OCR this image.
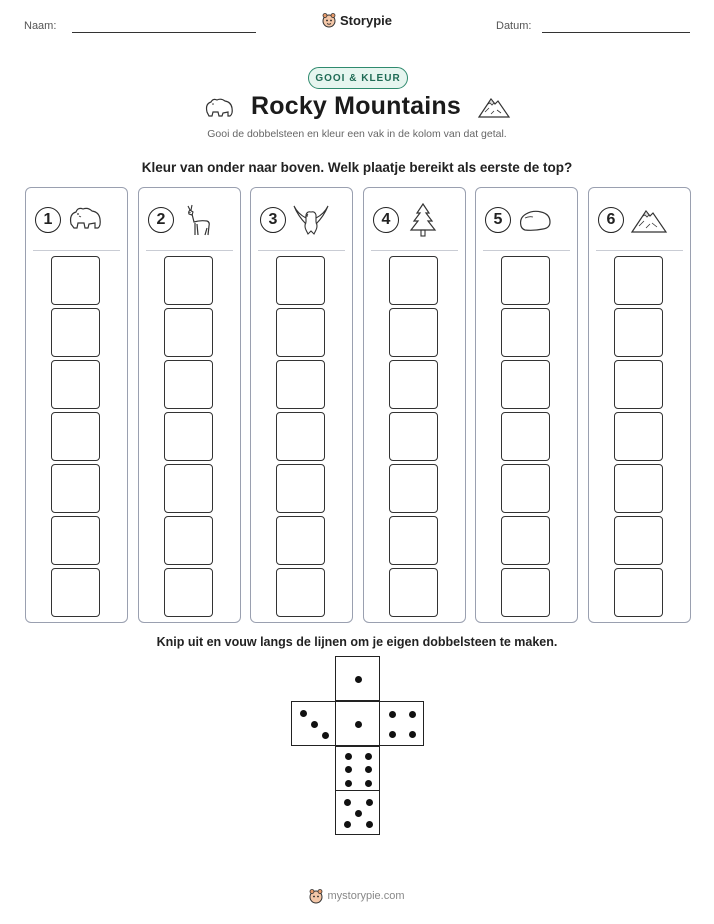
Naam:	Datum:
Storypie
GOOI & KLEUR
Rocky Mountains
Gooi de dobbelsteen en kleur een vak in de kolom van dat getal.
Kleur van onder naar boven. Welk plaatje bereikt als eerste de top?
1	2	3	4	5	6
Knip uit en vouw langs de lijnen om je eigen dobbelsteen te maken.
mystorypie.com
